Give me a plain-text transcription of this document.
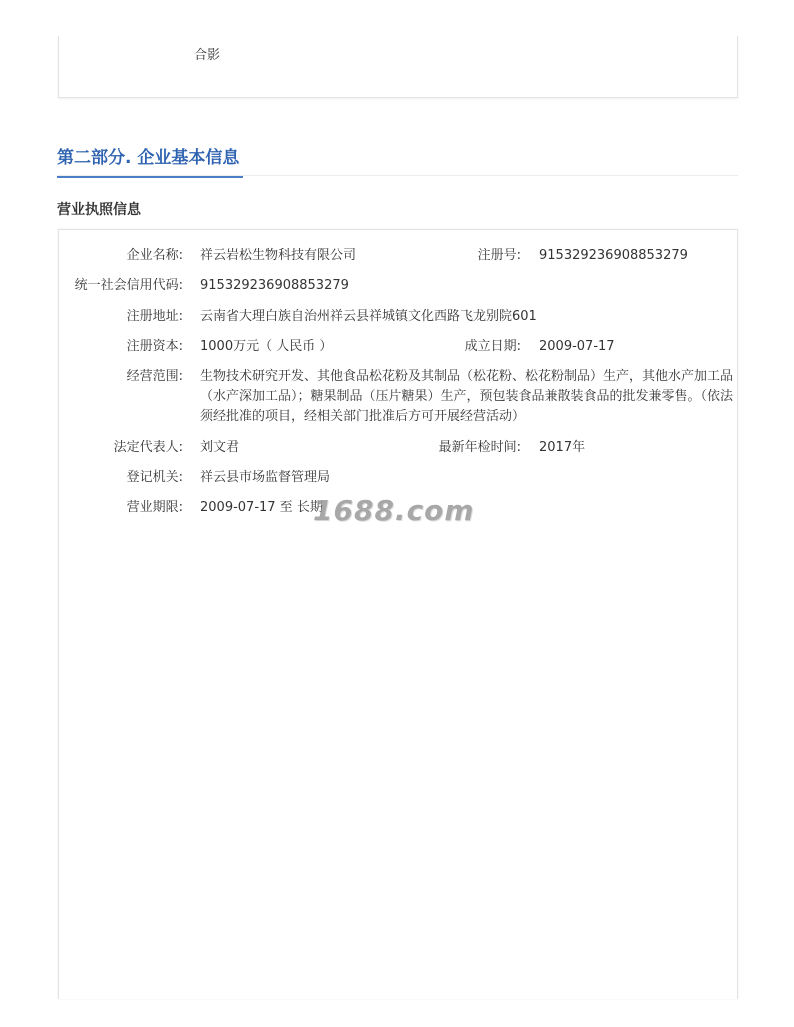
合影
第二部分. 企业基本信息
营业执照信息
企业名称: 祥云岩松生物科技有限公司	注册号: 915329236908853279
统一社会信用代码: 915329236908853279
注册地址: 云南省大理白族自治州祥云县祥城镇文化西路飞龙别院601
注册资本: 1000万元（ 人民币 ）	成立日期: 2009-07-17
经营范围: 生物技术研究开发、其他食品松花粉及其制品（松花粉、松花粉制品）生产，其他水产加工品（水产深加工品）；糖果制品（压片糖果）生产，预包装食品兼散装食品的批发兼零售。（依法须经批准的项目，经相关部门批准后方可开展经营活动）
法定代表人: 刘文君	最新年检时间: 2017年
登记机关: 祥云县市场监督管理局
营业期限: 2009-07-17 至 长期
1688.com
